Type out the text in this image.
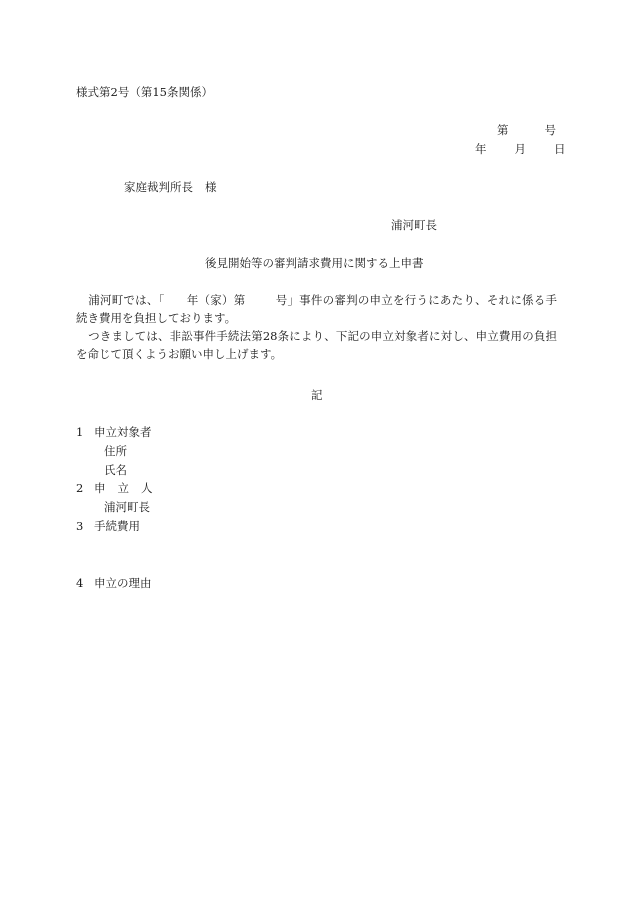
様式第2号（第15条関係）
第	号
年 月 日
家庭裁判所長 様
浦河町長
後見開始等の審判請求費用に関する上申書
浦河町では、「 年（家）第	号」事件の審判の申立を行うにあたり、それに係る手続き費用を負担しております。
つきましては、非訟事件手続法第28条により、下記の申立対象者に対し、申立費用の負担を命じて頂くようお願い申し上げます。
記
1 申立対象者
住所
氏名
2 申 立 人
浦河町長
3 手続費用
4 申立の理由
